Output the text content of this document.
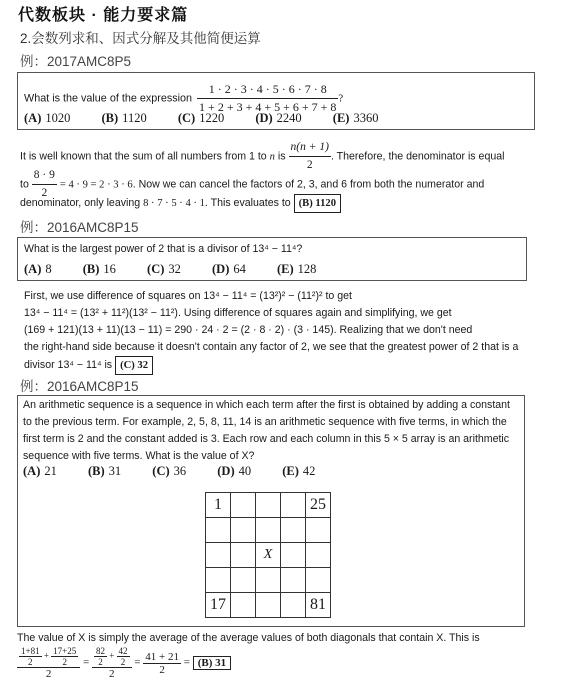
代数板块 · 能力要求篇
2.会数列求和、因式分解及其他简便运算
例：2017AMC8P5
What is the value of the expression $\frac{1 \cdot 2 \cdot 3 \cdot 4 \cdot 5 \cdot 6 \cdot 7 \cdot 8}{1 + 2 + 3 + 4 + 5 + 6 + 7 + 8}$ ?
(A) 1020 (B) 1120 (C) 1220 (D) 2240 (E) 3360
It is well known that the sum of all numbers from 1 to n is $\frac{n(n + 1)}{2}$ . Therefore, the denominator is equal
to $\frac{8 \cdot 9}{2} = 4 \cdot 9 = 2 \cdot 3 \cdot 6$. Now we can cancel the factors of 2, 3, and 6 from both the numerator and
denominator, only leaving 8 · 7 · 5 · 4 · 1. This evaluates to (B) 1120
例：2016AMC8P15
What is the largest power of 2 that is a divisor of 13⁴ − 11⁴?
(A) 8 (B) 16 (C) 32 (D) 64 (E) 128
First, we use difference of squares on 13⁴ − 11⁴ = (13²)² − (11²)² to get
13⁴ − 11⁴ = (13² + 11²)(13² − 11²). Using difference of squares again and simplifying, we get
(169 + 121)(13 + 11)(13 − 11) = 290 · 24 · 2 = (2 · 8 · 2) · (3 · 145). Realizing that we don't need
the right-hand side because it doesn't contain any factor of 2, we see that the greatest power of 2 that is a
divisor 13⁴ − 11⁴ is (C) 32
例：2016AMC8P15
An arithmetic sequence is a sequence in which each term after the first is obtained by adding a constant
to the previous term. For example, 2, 5, 8, 11, 14 is an arithmetic sequence with five terms, in which the
first term is 2 and the constant added is 3. Each row and each column in this 5 × 5 array is an arithmetic
sequence with five terms. What is the value of X?
(A) 21 (B) 31 (C) 36 (D) 40 (E) 42
1				25

		X		

17				81
The value of X is simply the average of the average values of both diagonals that contain X. This is
$\frac{\frac{1+81}{2} + \frac{17+25}{2}}{2} = \frac{\frac{82}{2} + \frac{42}{2}}{2} = \frac{41 + 21}{2} = (B)$ 31
